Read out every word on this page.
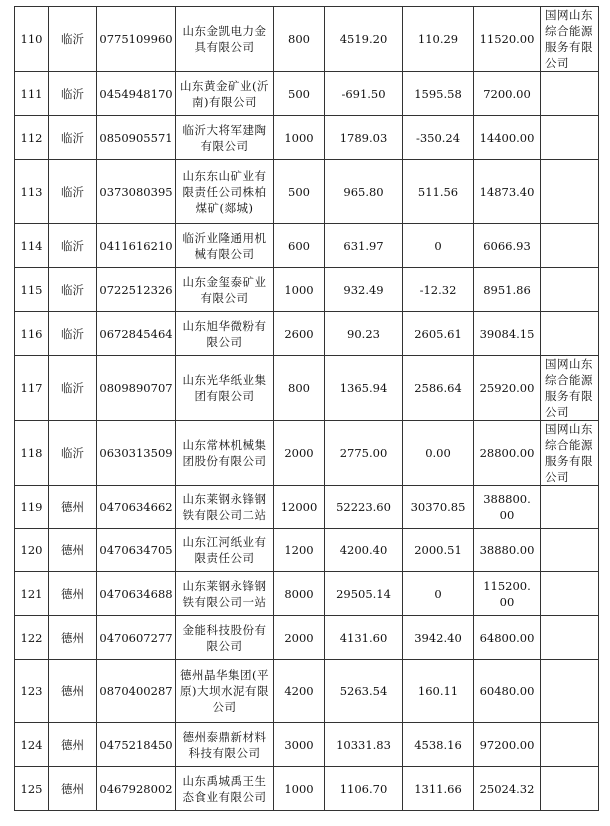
110	临沂	0775109960	山东金凯电力金具有限公司	800	4519.20	110.29	11520.00	国网山东综合能源服务有限公司
111	临沂	0454948170	山东黄金矿业(沂南)有限公司	500	-691.50	1595.58	7200.00	
112	临沂	0850905571	临沂大将军建陶有限公司	1000	1789.03	-350.24	14400.00	
113	临沂	0373080395	山东东山矿业有限责任公司株柏煤矿(郯城)	500	965.80	511.56	14873.40	
114	临沂	0411616210	临沂业隆通用机械有限公司	600	631.97	0	6066.93	
115	临沂	0722512326	山东金玺泰矿业有限公司	1000	932.49	-12.32	8951.86	
116	临沂	0672845464	山东旭华微粉有限公司	2600	90.23	2605.61	39084.15	
117	临沂	0809890707	山东光华纸业集团有限公司	800	1365.94	2586.64	25920.00	国网山东综合能源服务有限公司
118	临沂	0630313509	山东常林机械集团股份有限公司	2000	2775.00	0.00	28800.00	国网山东综合能源服务有限公司
119	德州	0470634662	山东莱钢永锋钢铁有限公司二站	12000	52223.60	30370.85	388800.00	
120	德州	0470634705	山东江河纸业有限责任公司	1200	4200.40	2000.51	38880.00	
121	德州	0470634688	山东莱钢永锋钢铁有限公司一站	8000	29505.14	0	115200.00	
122	德州	0470607277	金能科技股份有限公司	2000	4131.60	3942.40	64800.00	
123	德州	0870400287	德州晶华集团(平原)大坝水泥有限公司	4200	5263.54	160.11	60480.00	
124	德州	0475218450	德州泰鼎新材料科技有限公司	3000	10331.83	4538.16	97200.00	
125	德州	0467928002	山东禹城禹王生态食业有限公司	1000	1106.70	1311.66	25024.32	
